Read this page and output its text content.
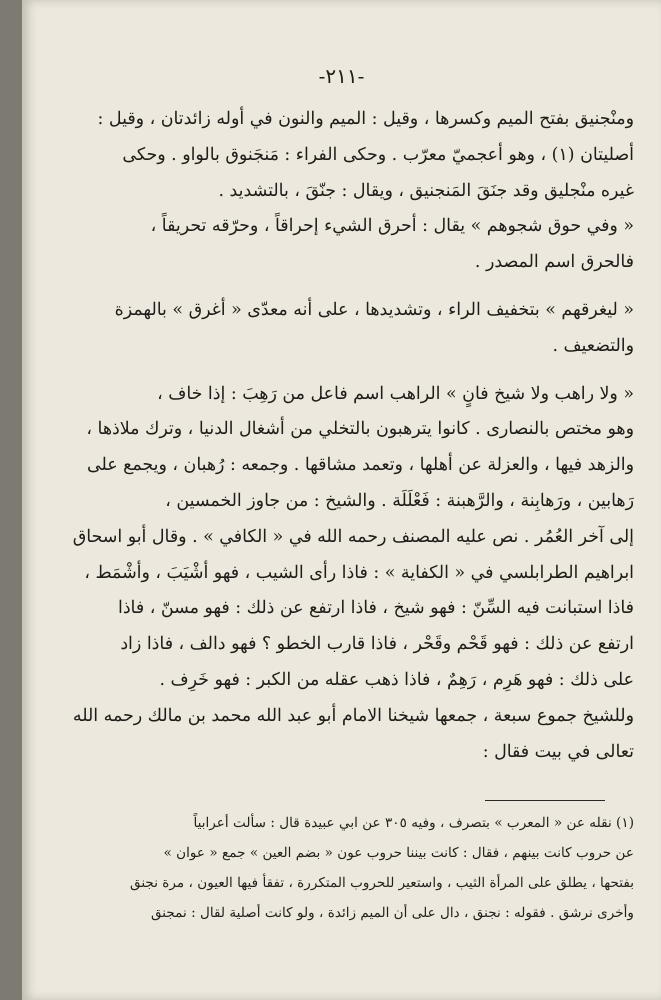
-٢١١-
ومنْجنيق بفتح الميم وكسرها ، وقيل : الميم والنون في أوله زائدتان ، وقيل :
أصليتان (١) ، وهو أعجميّ معرّب . وحكى الفراء : مَنجَنوق بالواو . وحكى
غيره منْجليق وقد جنَقَ المَنجنيق ، ويقال : جنّقَ ، بالتشديد .
« وفي حوق شجوهم » يقال : أحرق الشيء إحراقاً ، وحرّقه تحريقاً ،
فالحرق اسم المصدر .
« ليغرقهم » بتخفيف الراء ، وتشديدها ، على أنه معدّى « أغرق » بالهمزة
والتضعيف .
« ولا راهب ولا شيخ فانٍ » الراهب اسم فاعل من رَهِبَ : إذا خاف ،
وهو مختص بالنصارى . كانوا يترهبون بالتخلي من أشغال الدنيا ، وترك ملاذها ،
والزهد فيها ، والعزلة عن أهلها ، وتعمد مشاقها . وجمعه : رُهبان ، ويجمع على
رَهابين ، ورَهابِنة ، والرَّهبنة : فَعْلَلَة . والشيخ : من جاوز الخمسين ،
إلى آخر العُمُر . نص عليه المصنف رحمه الله في « الكافي » . وقال أبو اسحاق
ابراهيم الطرابلسي في « الكفاية » : فاذا رأى الشيب ، فهو أشْيَبَ ، وأشْمَط ،
فاذا استبانت فيه السِّنّ : فهو شيخ ، فاذا ارتفع عن ذلك : فهو مسنّ ، فاذا
ارتفع عن ذلك : فهو قَحْم وقَحْر ، فاذا قارب الخطو ؟ فهو دالف ، فاذا زاد
على ذلك : فهو هَرِم ، رَهِمٌ ، فاذا ذهب عقله من الكبر : فهو خَرِف .
وللشيخ جموع سبعة ، جمعها شيخنا الامام أبو عبد الله محمد بن مالك رحمه الله
تعالى في بيت فقال :
(١) نقله عن « المعرب » بتصرف ، وفيه ٣٠٥ عن ابي عبيدة قال : سألت أعرابياً
عن حروب كانت بينهم ، فقال : كانت بيننا حروب عون « بضم العين » جمع « عوان »
بفتحها ، يطلق على المرأة الثيب ، واستعير للحروب المتكررة ، تفقأ فيها العيون ، مرة نجنق
وأخرى نرشق . فقوله : نجنق ، دال على أن الميم زائدة ، ولو كانت أصلية لقال : نمجنق
